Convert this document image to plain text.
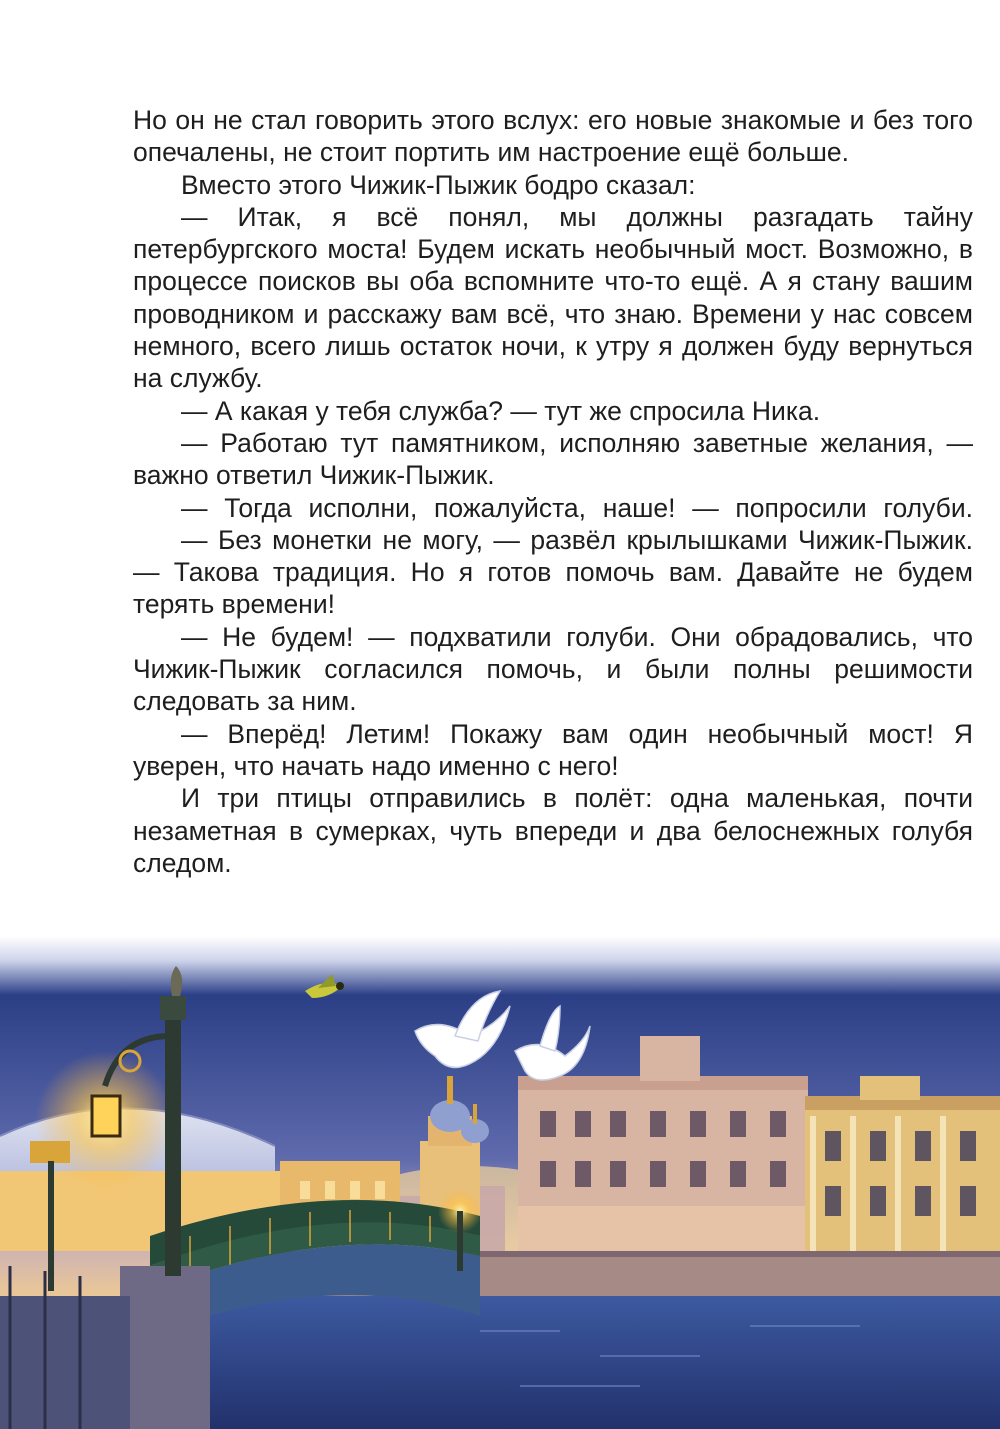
Но он не стал говорить этого вслух: его новые знакомые и без того опечалены, не стоит портить им настроение ещё больше.

Вместо этого Чижик-Пыжик бодро сказал:

— Итак, я всё понял, мы должны разгадать тайну петербургского моста! Будем искать необычный мост. Возможно, в процессе поисков вы оба вспомните что-то ещё. А я стану вашим проводником и расскажу вам всё, что знаю. Времени у нас совсем немного, всего лишь остаток ночи, к утру я должен буду вернуться на службу.

— А какая у тебя служба? — тут же спросила Ника.

— Работаю тут памятником, исполняю заветные желания, — важно ответил Чижик-Пыжик.

— Тогда исполни, пожалуйста, наше! — попросили голуби.

— Без монетки не могу, — развёл крылышками Чижик-Пыжик. — Такова традиция. Но я готов помочь вам. Давайте не будем терять времени!

— Не будем! — подхватили голуби. Они обрадовались, что Чижик-Пыжик согласился помочь, и были полны решимости следовать за ним.

— Вперёд! Летим! Покажу вам один необычный мост! Я уверен, что начать надо именно с него!

И три птицы отправились в полёт: одна маленькая, почти незаметная в сумерках, чуть впереди и два белоснежных голубя следом.
